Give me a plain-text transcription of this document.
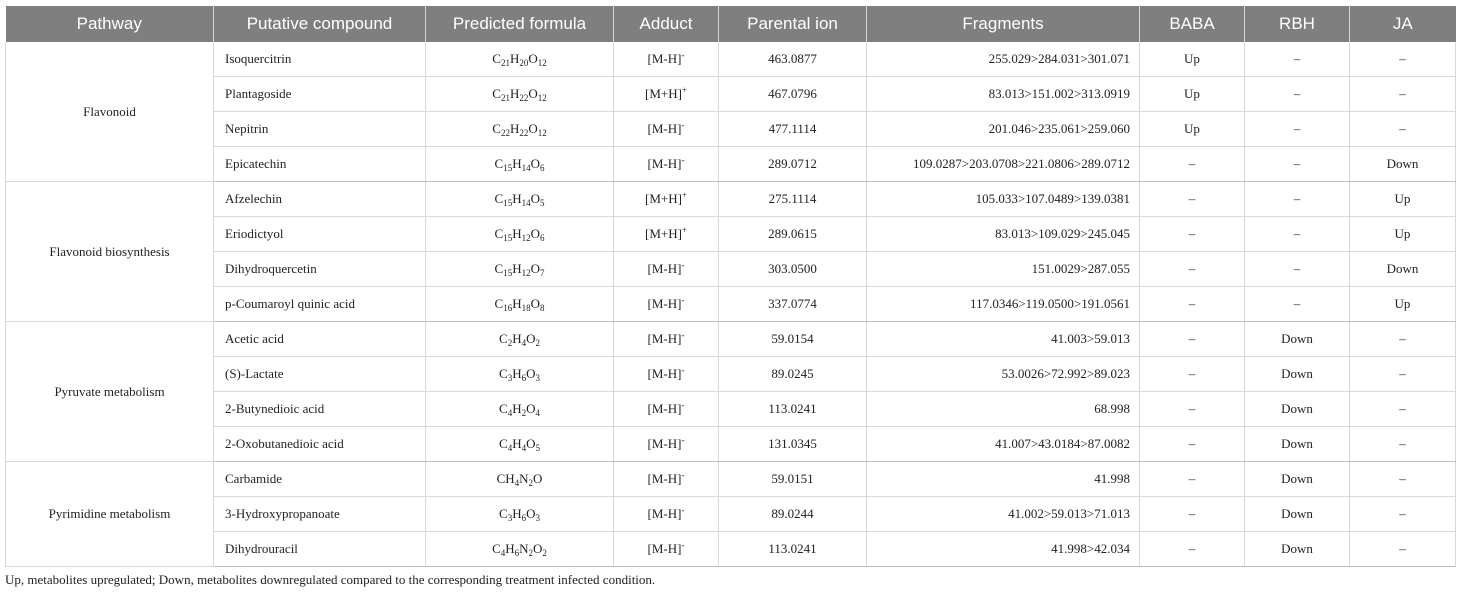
Pathway	Putative compound	Predicted formula	Adduct	Parental ion	Fragments	BABA	RBH	JA
Flavonoid	Isoquercitrin	$C_{21}H_{20}O_{12}$	[M-H]-	463.0877	255.029>284.031>301.071	Up	–	–
	Plantagoside	$C_{21}H_{22}O_{12}$	[M+H]+	467.0796	83.013>151.002>313.0919	Up	–	–
	Nepitrin	$C_{22}H_{22}O_{12}$	[M-H]-	477.1114	201.046>235.061>259.060	Up	–	–
	Epicatechin	$C_{15}H_{14}O_6$	[M-H]-	289.0712	109.0287>203.0708>221.0806>289.0712	–	–	Down
Flavonoid biosynthesis	Afzelechin	$C_{15}H_{14}O_5$	[M+H]+	275.1114	105.033>107.0489>139.0381	–	–	Up
	Eriodictyol	$C_{15}H_{12}O_6$	[M+H]+	289.0615	83.013>109.029>245.045	–	–	Up
	Dihydroquercetin	$C_{15}H_{12}O_7$	[M-H]-	303.0500	151.0029>287.055	–	–	Down
	p-Coumaroyl quinic acid	$C_{16}H_{18}O_8$	[M-H]-	337.0774	117.0346>119.0500>191.0561	–	–	Up
Pyruvate metabolism	Acetic acid	$C_2H_4O_2$	[M-H]-	59.0154	41.003>59.013	–	Down	–
	(S)-Lactate	$C_3H_6O_3$	[M-H]-	89.0245	53.0026>72.992>89.023	–	Down	–
	2-Butynedioic acid	$C_4H_2O_4$	[M-H]-	113.0241	68.998	–	Down	–
	2-Oxobutanedioic acid	$C_4H_4O_5$	[M-H]-	131.0345	41.007>43.0184>87.0082	–	Down	–
Pyrimidine metabolism	Carbamide	$CH_4N_2O$	[M-H]-	59.0151	41.998	–	Down	–
	3-Hydroxypropanoate	$C_3H_6O_3$	[M-H]-	89.0244	41.002>59.013>71.013	–	Down	–
	Dihydrouracil	$C_4H_6N_2O_2$	[M-H]-	113.0241	41.998>42.034	–	Down	–
Up, metabolites upregulated; Down, metabolites downregulated compared to the corresponding treatment infected condition.
